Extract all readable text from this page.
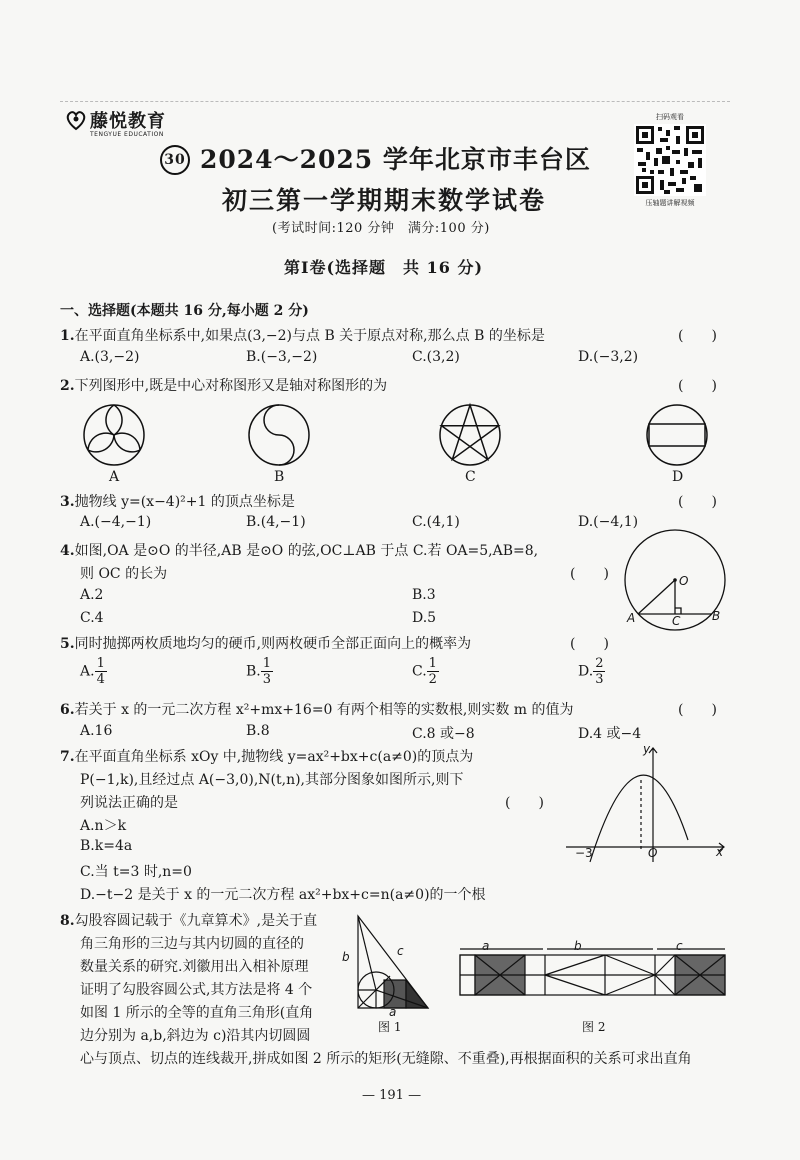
藤悦教育
TENGYUE EDUCATION
扫码观看
压轴题讲解视频
30 2024～2025 学年北京市丰台区
初三第一学期期末数学试卷
(考试时间:120 分钟　满分:100 分)
第Ⅰ卷(选择题　共 16 分)
一、选择题(本题共 16 分,每小题 2 分)
1.在平面直角坐标系中,如果点(3,−2)与点 B 关于原点对称,那么点 B 的坐标是	(　　)
A.(3,−2)	B.(−3,−2)	C.(3,2)	D.(−3,2)
2.下列图形中,既是中心对称图形又是轴对称图形的为	(　　)
A	B	C	D
3.抛物线 y=(x−4)²+1 的顶点坐标是	(　　)
A.(−4,−1)	B.(4,−1)	C.(4,1)	D.(−4,1)
4.如图,OA 是⊙O 的半径,AB 是⊙O 的弦,OC⊥AB 于点 C.若 OA=5,AB=8,
则 OC 的长为	(　　)
A.2	B.3
C.4	D.5
O
A	C	B
5.同时抛掷两枚质地均匀的硬币,则两枚硬币全部正面向上的概率为	(　　)
A. $\frac{1}{4}$	B. $\frac{1}{3}$	C. $\frac{1}{2}$	D. $\frac{2}{3}$
6.若关于 x 的一元二次方程 x²+mx+16=0 有两个相等的实数根,则实数 m 的值为	(　　)
A.16	B.8	C.8 或−8	D.4 或−4
7.在平面直角坐标系 xOy 中,抛物线 y=ax²+bx+c(a≠0)的顶点为
P(−1,k),且经过点 A(−3,0),N(t,n),其部分图象如图所示,则下
列说法正确的是	(　　)
A.n＞k
B.k=4a
C.当 t=3 时,n=0
D.−t−2 是关于 x 的一元二次方程 ax²+bx+c=n(a≠0)的一个根
y
x
−3	O
8.勾股容圆记载于《九章算术》,是关于直
角三角形的三边与其内切圆的直径的
数量关系的研究.刘徽用出入相补原理
证明了勾股容圆公式,其方法是将 4 个
如图 1 所示的全等的直角三角形(直角
边分别为 a,b,斜边为 c)沿其内切圆圆
心与顶点、切点的连线裁开,拼成如图 2 所示的矩形(无缝隙、不重叠),再根据面积的关系可求出直角
b	c
a
图 1
a	b	c
图 2
— 191 —
